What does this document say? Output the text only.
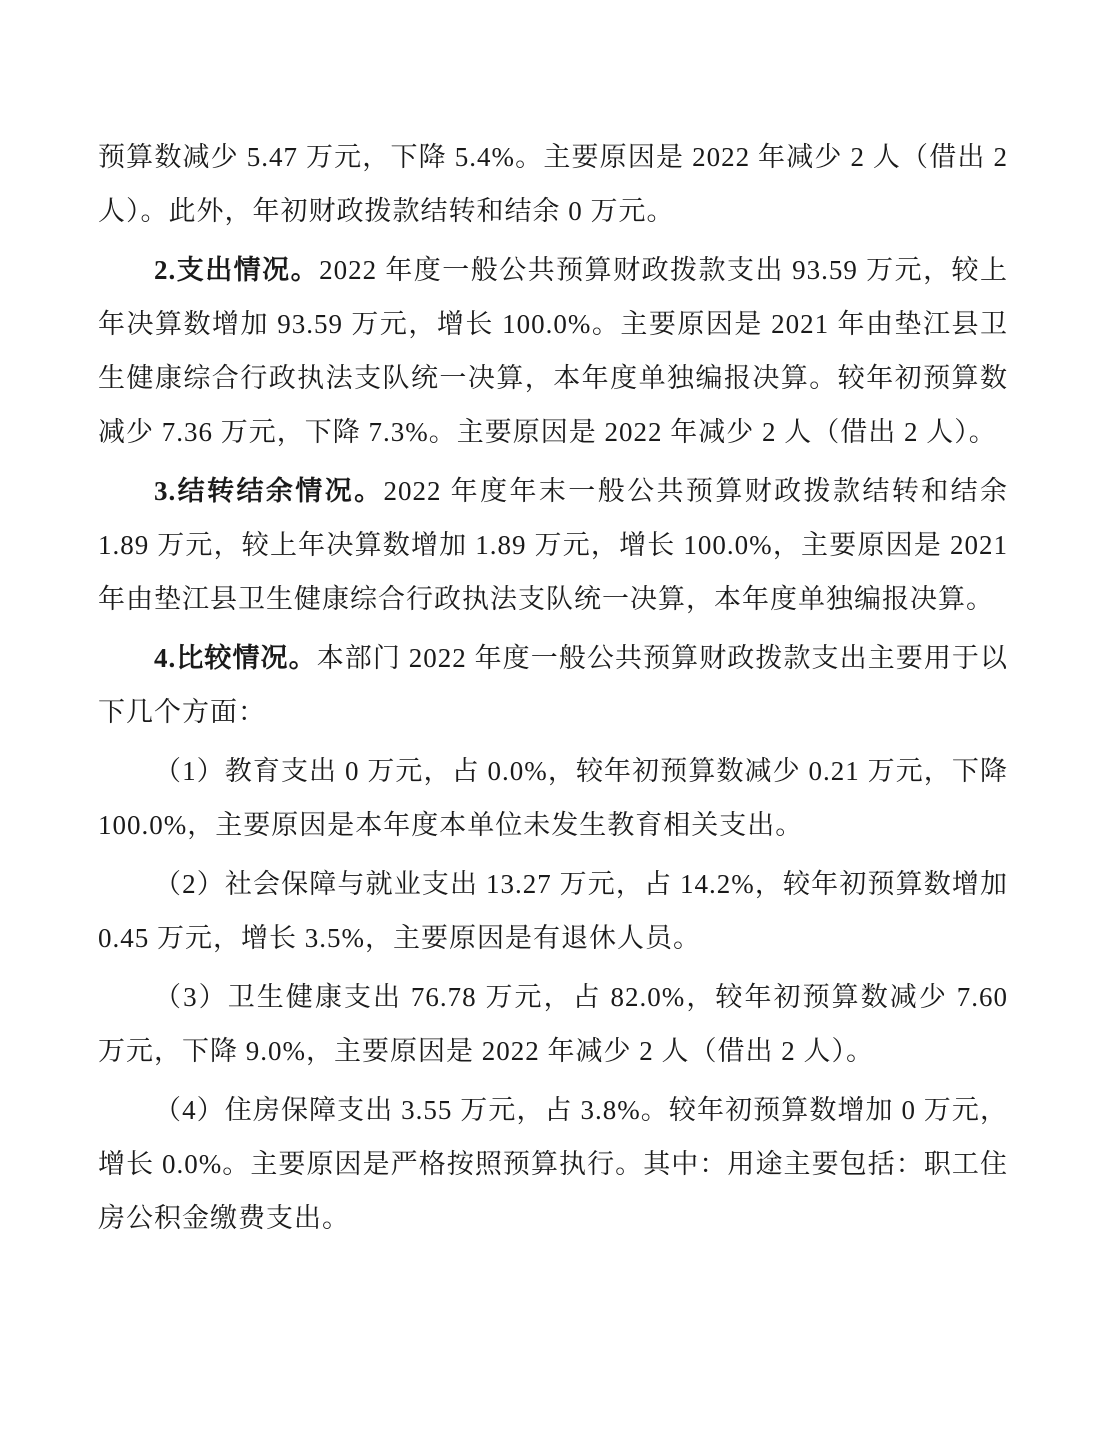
预算数减少 5.47 万元，下降 5.4%。主要原因是 2022 年减少 2 人（借出 2 人）。此外，年初财政拨款结转和结余 0 万元。

2.支出情况。2022 年度一般公共预算财政拨款支出 93.59 万元，较上年决算数增加 93.59 万元，增长 100.0%。主要原因是 2021 年由垫江县卫生健康综合行政执法支队统一决算，本年度单独编报决算。较年初预算数减少 7.36 万元，下降 7.3%。主要原因是 2022 年减少 2 人（借出 2 人）。

3.结转结余情况。2022 年度年末一般公共预算财政拨款结转和结余 1.89 万元，较上年决算数增加 1.89 万元，增长 100.0%，主要原因是 2021 年由垫江县卫生健康综合行政执法支队统一决算，本年度单独编报决算。

4.比较情况。本部门 2022 年度一般公共预算财政拨款支出主要用于以下几个方面：

（1）教育支出 0 万元，占 0.0%，较年初预算数减少 0.21 万元，下降 100.0%，主要原因是本年度本单位未发生教育相关支出。

（2）社会保障与就业支出 13.27 万元，占 14.2%，较年初预算数增加 0.45 万元，增长 3.5%，主要原因是有退休人员。

（3）卫生健康支出 76.78 万元，占 82.0%，较年初预算数减少 7.60 万元，下降 9.0%，主要原因是 2022 年减少 2 人（借出 2 人）。

（4）住房保障支出 3.55 万元，占 3.8%。较年初预算数增加 0 万元，增长 0.0%。主要原因是严格按照预算执行。其中：用途主要包括：职工住房公积金缴费支出。
